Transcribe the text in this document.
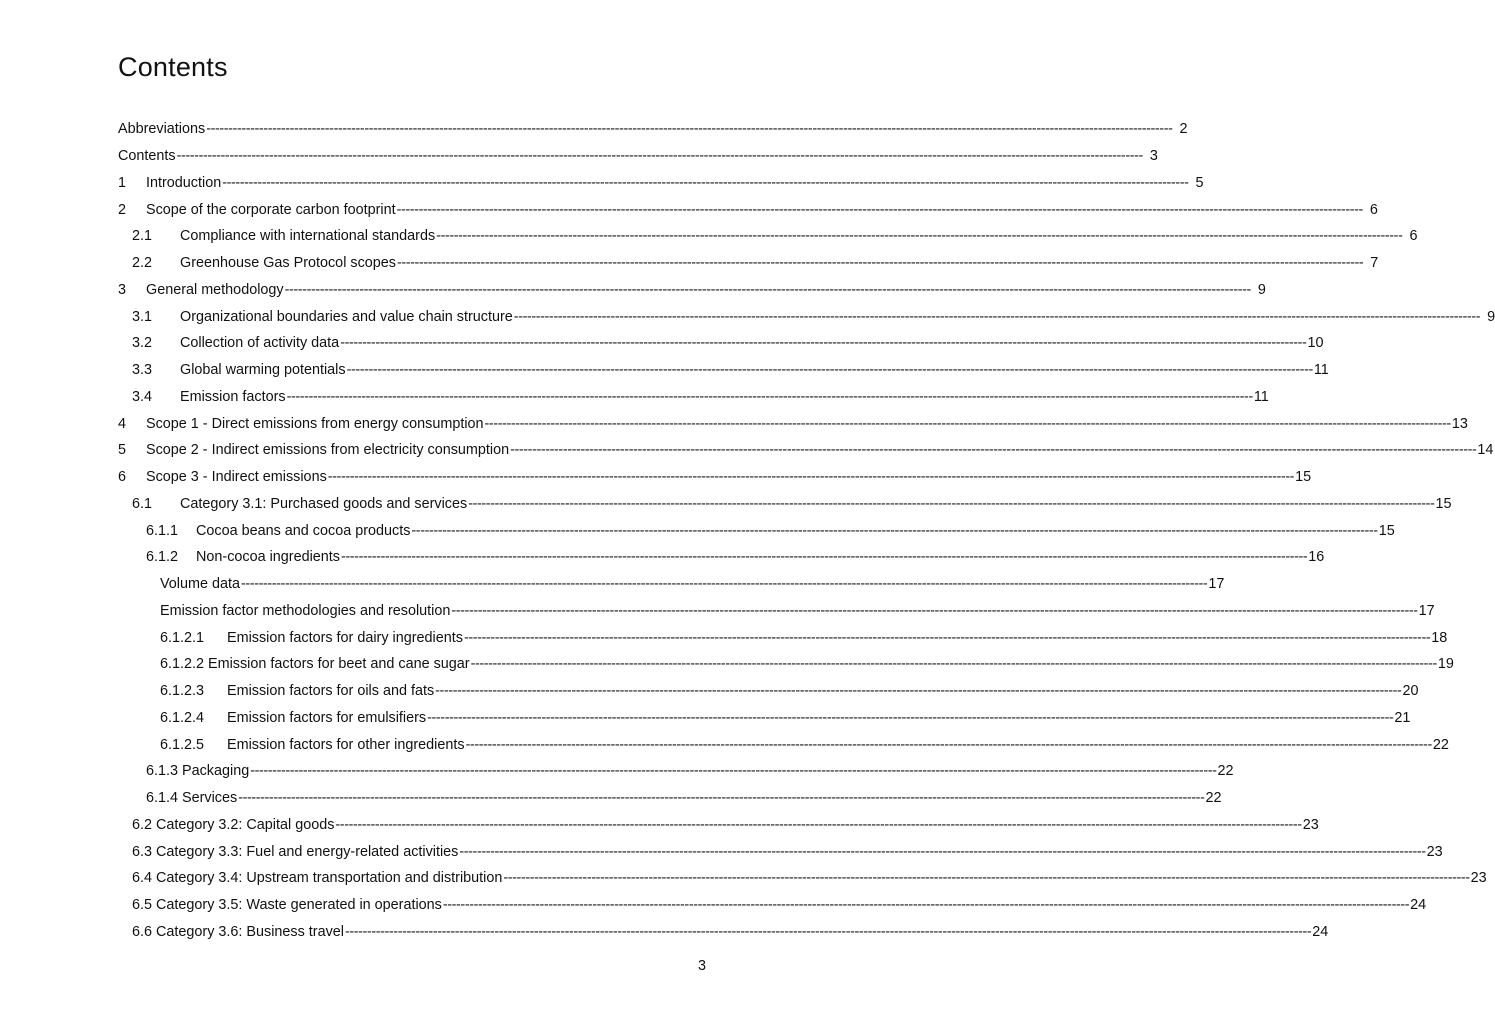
Contents
Abbreviations ---------------------------------------------------------------------------------------------------------------------------------------------------------------------------------------------------------------------------- 2
Contents ---------------------------------------------------------------------------------------------------------------------------------------------------------------------------------------------------------------------------- 3
1	Introduction ---------------------------------------------------------------------------------------------------------------------------------------------------------------------------------------------------------------------------- 5
2	Scope of the corporate carbon footprint ---------------------------------------------------------------------------------------------------------------------------------------------------------------------------------------------------------------------------- 6
2.1	Compliance with international standards ---------------------------------------------------------------------------------------------------------------------------------------------------------------------------------------------------------------------------- 6
2.2	Greenhouse Gas Protocol scopes ---------------------------------------------------------------------------------------------------------------------------------------------------------------------------------------------------------------------------- 7
3	General methodology ---------------------------------------------------------------------------------------------------------------------------------------------------------------------------------------------------------------------------- 9
3.1	Organizational boundaries and value chain structure ---------------------------------------------------------------------------------------------------------------------------------------------------------------------------------------------------------------------------- 9
3.2	Collection of activity data ---------------------------------------------------------------------------------------------------------------------------------------------------------------------------------------------------------------------------- 10
3.3	Global warming potentials ---------------------------------------------------------------------------------------------------------------------------------------------------------------------------------------------------------------------------- 11
3.4	Emission factors ---------------------------------------------------------------------------------------------------------------------------------------------------------------------------------------------------------------------------- 11
4	Scope 1 - Direct emissions from energy consumption ---------------------------------------------------------------------------------------------------------------------------------------------------------------------------------------------------------------------------- 13
5	Scope 2 - Indirect emissions from electricity consumption ---------------------------------------------------------------------------------------------------------------------------------------------------------------------------------------------------------------------------- 14
6	Scope 3 - Indirect emissions ---------------------------------------------------------------------------------------------------------------------------------------------------------------------------------------------------------------------------- 15
6.1	Category 3.1: Purchased goods and services ---------------------------------------------------------------------------------------------------------------------------------------------------------------------------------------------------------------------------- 15
6.1.1	Cocoa beans and cocoa products ---------------------------------------------------------------------------------------------------------------------------------------------------------------------------------------------------------------------------- 15
6.1.2	Non-cocoa ingredients ---------------------------------------------------------------------------------------------------------------------------------------------------------------------------------------------------------------------------- 16
Volume data ---------------------------------------------------------------------------------------------------------------------------------------------------------------------------------------------------------------------------- 17
Emission factor methodologies and resolution ---------------------------------------------------------------------------------------------------------------------------------------------------------------------------------------------------------------------------- 17
6.1.2.1	Emission factors for dairy ingredients ---------------------------------------------------------------------------------------------------------------------------------------------------------------------------------------------------------------------------- 18
6.1.2.2 Emission factors for beet and cane sugar ---------------------------------------------------------------------------------------------------------------------------------------------------------------------------------------------------------------------------- 19
6.1.2.3	Emission factors for oils and fats ---------------------------------------------------------------------------------------------------------------------------------------------------------------------------------------------------------------------------- 20
6.1.2.4	Emission factors for emulsifiers ---------------------------------------------------------------------------------------------------------------------------------------------------------------------------------------------------------------------------- 21
6.1.2.5	Emission factors for other ingredients ---------------------------------------------------------------------------------------------------------------------------------------------------------------------------------------------------------------------------- 22
6.1.3 Packaging ---------------------------------------------------------------------------------------------------------------------------------------------------------------------------------------------------------------------------- 22
6.1.4 Services ---------------------------------------------------------------------------------------------------------------------------------------------------------------------------------------------------------------------------- 22
6.2 Category 3.2: Capital goods ---------------------------------------------------------------------------------------------------------------------------------------------------------------------------------------------------------------------------- 23
6.3 Category 3.3: Fuel and energy-related activities ---------------------------------------------------------------------------------------------------------------------------------------------------------------------------------------------------------------------------- 23
6.4 Category 3.4: Upstream transportation and distribution ---------------------------------------------------------------------------------------------------------------------------------------------------------------------------------------------------------------------------- 23
6.5 Category 3.5: Waste generated in operations ---------------------------------------------------------------------------------------------------------------------------------------------------------------------------------------------------------------------------- 24
6.6 Category 3.6: Business travel ---------------------------------------------------------------------------------------------------------------------------------------------------------------------------------------------------------------------------- 24
3
